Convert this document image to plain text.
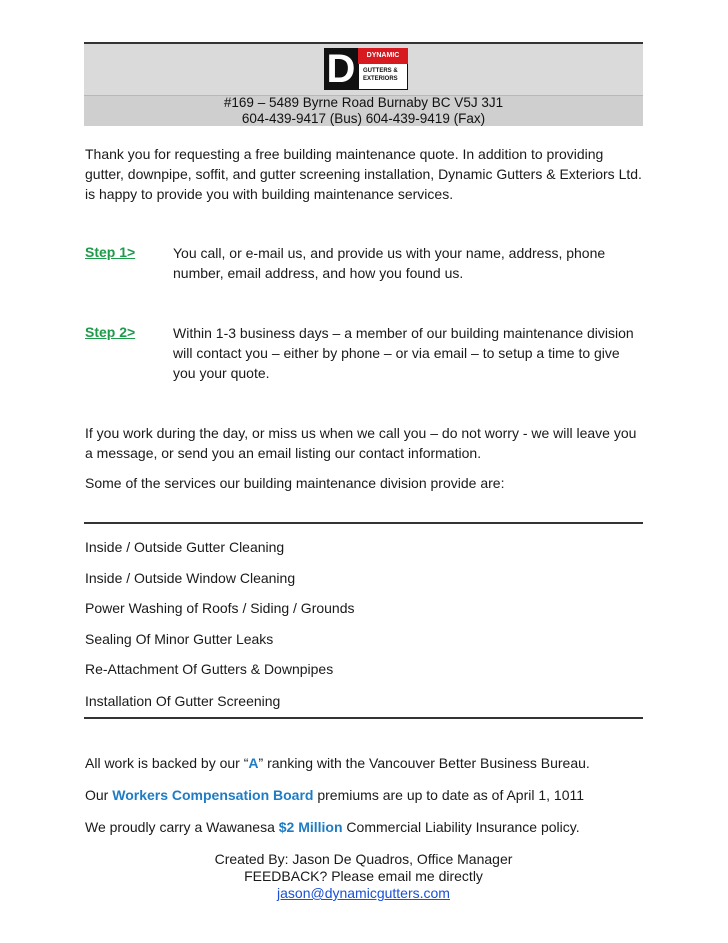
D	DYNAMIC
GUTTERS &
EXTERIORS
#169 – 5489 Byrne Road Burnaby BC V5J 3J1
604-439-9417 (Bus) 604-439-9419 (Fax)

Thank you for requesting a free building maintenance quote. In addition to providing gutter, downpipe, soffit, and gutter screening installation, Dynamic Gutters & Exteriors Ltd. is happy to provide you with building maintenance services.

Step 1>	You call, or e-mail us, and provide us with your name, address, phone number, email address, and how you found us.

Step 2>	Within 1-3 business days – a member of our building maintenance division will contact you – either by phone – or via email – to setup a time to give you your quote.

If you work during the day, or miss us when we call you – do not worry - we will leave you a message, or send you an email listing our contact information.

Some of the services our building maintenance division provide are:

Inside / Outside Gutter Cleaning
Inside / Outside Window Cleaning
Power Washing of Roofs / Siding / Grounds
Sealing Of Minor Gutter Leaks
Re-Attachment Of Gutters & Downpipes
Installation Of Gutter Screening

All work is backed by our “A” ranking with the Vancouver Better Business Bureau.

Our Workers Compensation Board premiums are up to date as of April 1, 1011

We proudly carry a Wawanesa $2 Million Commercial Liability Insurance policy.

Created By: Jason De Quadros, Office Manager
FEEDBACK? Please email me directly
jason@dynamicgutters.com
